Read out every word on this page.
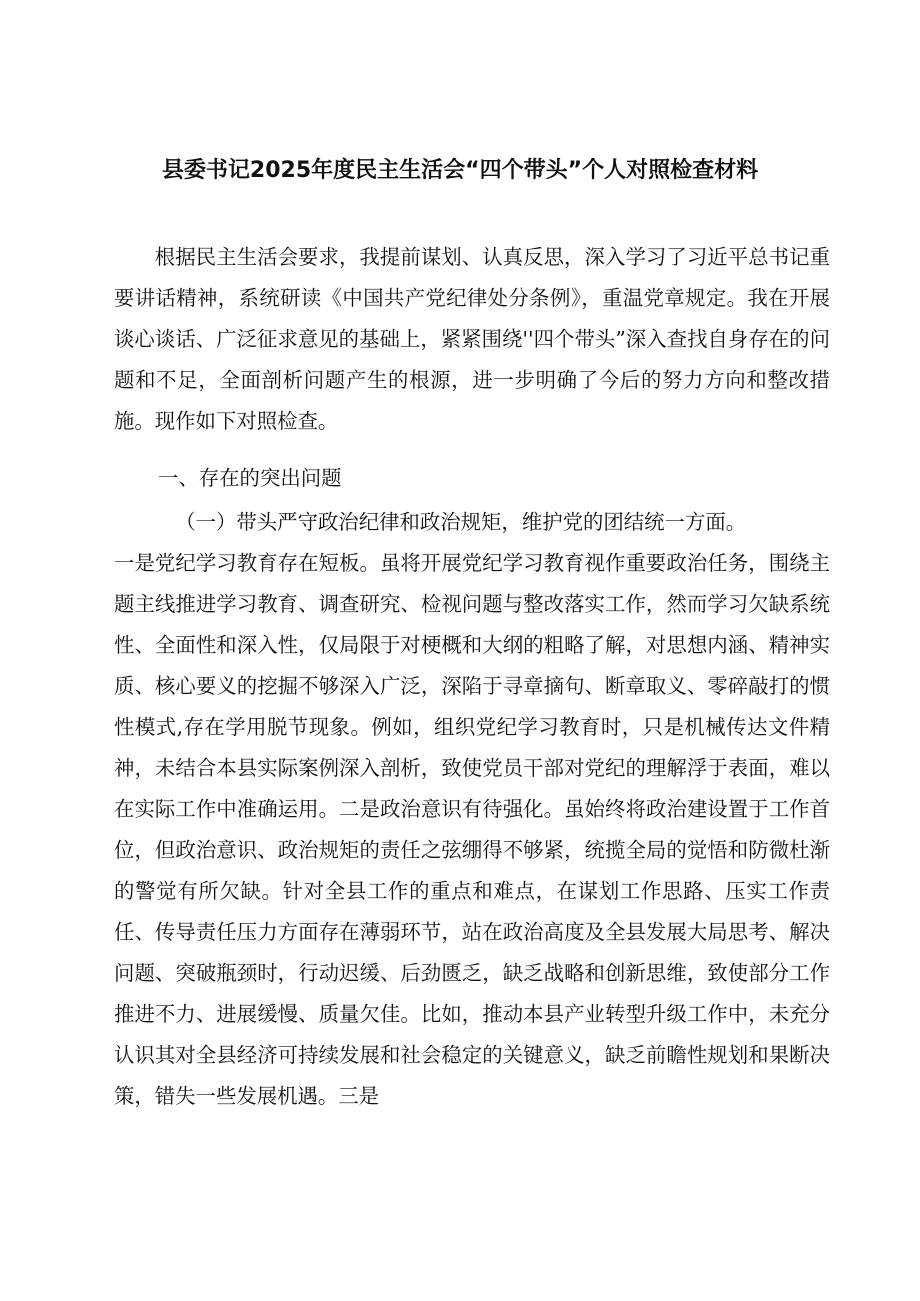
县委书记2025年度民主生活会“四个带头”个人对照检查材料
根据民主生活会要求，我提前谋划、认真反思，深入学习了习近平总书记重要讲话精神，系统研读《中国共产党纪律处分条例》，重温党章规定。我在开展谈心谈话、广泛征求意见的基础上，紧紧围绕''四个带头”深入查找自身存在的问题和不足，全面剖析问题产生的根源，进一步明确了今后的努力方向和整改措施。现作如下对照检查。
一、存在的突出问题
（一）带头严守政治纪律和政治规矩，维护党的团结统一方面。
一是党纪学习教育存在短板。虽将开展党纪学习教育视作重要政治任务，围绕主题主线推进学习教育、调查研究、检视问题与整改落实工作，然而学习欠缺系统性、全面性和深入性，仅局限于对梗概和大纲的粗略了解，对思想内涵、精神实质、核心要义的挖掘不够深入广泛，深陷于寻章摘句、断章取义、零碎敲打的惯性模式,存在学用脱节现象。例如，组织党纪学习教育时，只是机械传达文件精神，未结合本县实际案例深入剖析，致使党员干部对党纪的理解浮于表面，难以在实际工作中准确运用。二是政治意识有待强化。虽始终将政治建设置于工作首位，但政治意识、政治规矩的责任之弦绷得不够紧，统揽全局的觉悟和防微杜渐的警觉有所欠缺。针对全县工作的重点和难点，在谋划工作思路、压实工作责任、传导责任压力方面存在薄弱环节，站在政治高度及全县发展大局思考、解决问题、突破瓶颈时，行动迟缓、后劲匮乏，缺乏战略和创新思维，致使部分工作推进不力、进展缓慢、质量欠佳。比如，推动本县产业转型升级工作中，未充分认识其对全县经济可持续发展和社会稳定的关键意义，缺乏前瞻性规划和果断决策，错失一些发展机遇。三是
